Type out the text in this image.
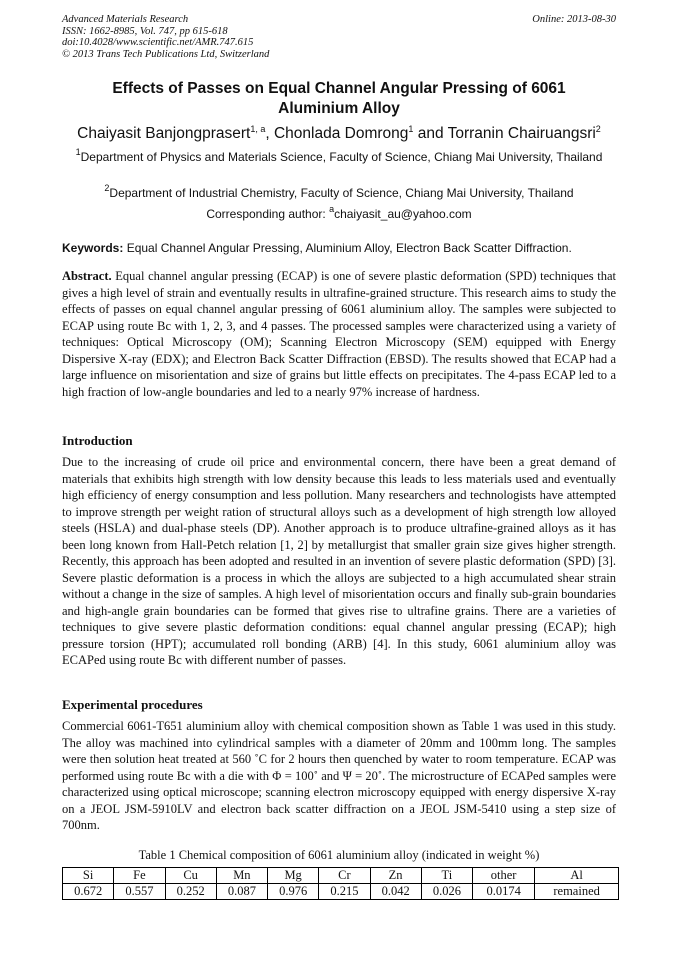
Advanced Materials Research
ISSN: 1662-8985, Vol. 747, pp 615-618
doi:10.4028/www.scientific.net/AMR.747.615
© 2013 Trans Tech Publications Ltd, Switzerland
Online: 2013-08-30
Effects of Passes on Equal Channel Angular Pressing of 6061
Aluminium Alloy
Chaiyasit Banjongprasert$^{1, a}$, Chonlada Domrong$^1$ and Torranin Chairuangsri$^2$
$^1$Department of Physics and Materials Science, Faculty of Science, Chiang Mai University, Thailand
$^2$Department of Industrial Chemistry, Faculty of Science, Chiang Mai University, Thailand
Corresponding author: $^a$chaiyasit_au@yahoo.com
Keywords: Equal Channel Angular Pressing, Aluminium Alloy, Electron Back Scatter Diffraction.
Abstract. Equal channel angular pressing (ECAP) is one of severe plastic deformation (SPD) techniques that gives a high level of strain and eventually results in ultrafine-grained structure. This research aims to study the effects of passes on equal channel angular pressing of 6061 aluminium alloy. The samples were subjected to ECAP using route Bc with 1, 2, 3, and 4 passes. The processed samples were characterized using a variety of techniques: Optical Microscopy (OM); Scanning Electron Microscopy (SEM) equipped with Energy Dispersive X-ray (EDX); and Electron Back Scatter Diffraction (EBSD). The results showed that ECAP had a large influence on misorientation and size of grains but little effects on precipitates. The 4-pass ECAP led to a high fraction of low-angle boundaries and led to a nearly 97% increase of hardness.
Introduction
Due to the increasing of crude oil price and environmental concern, there have been a great demand of materials that exhibits high strength with low density because this leads to less materials used and eventually high efficiency of energy consumption and less pollution. Many researchers and technologists have attempted to improve strength per weight ration of structural alloys such as a development of high strength low alloyed steels (HSLA) and dual-phase steels (DP). Another approach is to produce ultrafine-grained alloys as it has been long known from Hall-Petch relation [1, 2] by metallurgist that smaller grain size gives higher strength. Recently, this approach has been adopted and resulted in an invention of severe plastic deformation (SPD) [3]. Severe plastic deformation is a process in which the alloys are subjected to a high accumulated shear strain without a change in the size of samples. A high level of misorientation occurs and finally sub-grain boundaries and high-angle grain boundaries can be formed that gives rise to ultrafine grains. There are a varieties of techniques to give severe plastic deformation conditions: equal channel angular pressing (ECAP); high pressure torsion (HPT); accumulated roll bonding (ARB) [4]. In this study, 6061 aluminium alloy was ECAPed using route Bc with different number of passes.
Experimental procedures
Commercial 6061-T651 aluminium alloy with chemical composition shown as Table 1 was used in this study. The alloy was machined into cylindrical samples with a diameter of 20mm and 100mm long. The samples were then solution heat treated at 560 ˚C for 2 hours then quenched by water to room temperature. ECAP was performed using route Bc with a die with Φ = 100˚ and Ψ = 20˚. The microstructure of ECAPed samples were characterized using optical microscope; scanning electron microscopy equipped with energy dispersive X-ray on a JEOL JSM-5910LV and electron back scatter diffraction on a JEOL JSM-5410 using a step size of 700nm.
Table 1 Chemical composition of 6061 aluminium alloy (indicated in weight %)
Si	Fe	Cu	Mn	Mg	Cr	Zn	Ti	other	Al
0.672	0.557	0.252	0.087	0.976	0.215	0.042	0.026	0.0174	remained
